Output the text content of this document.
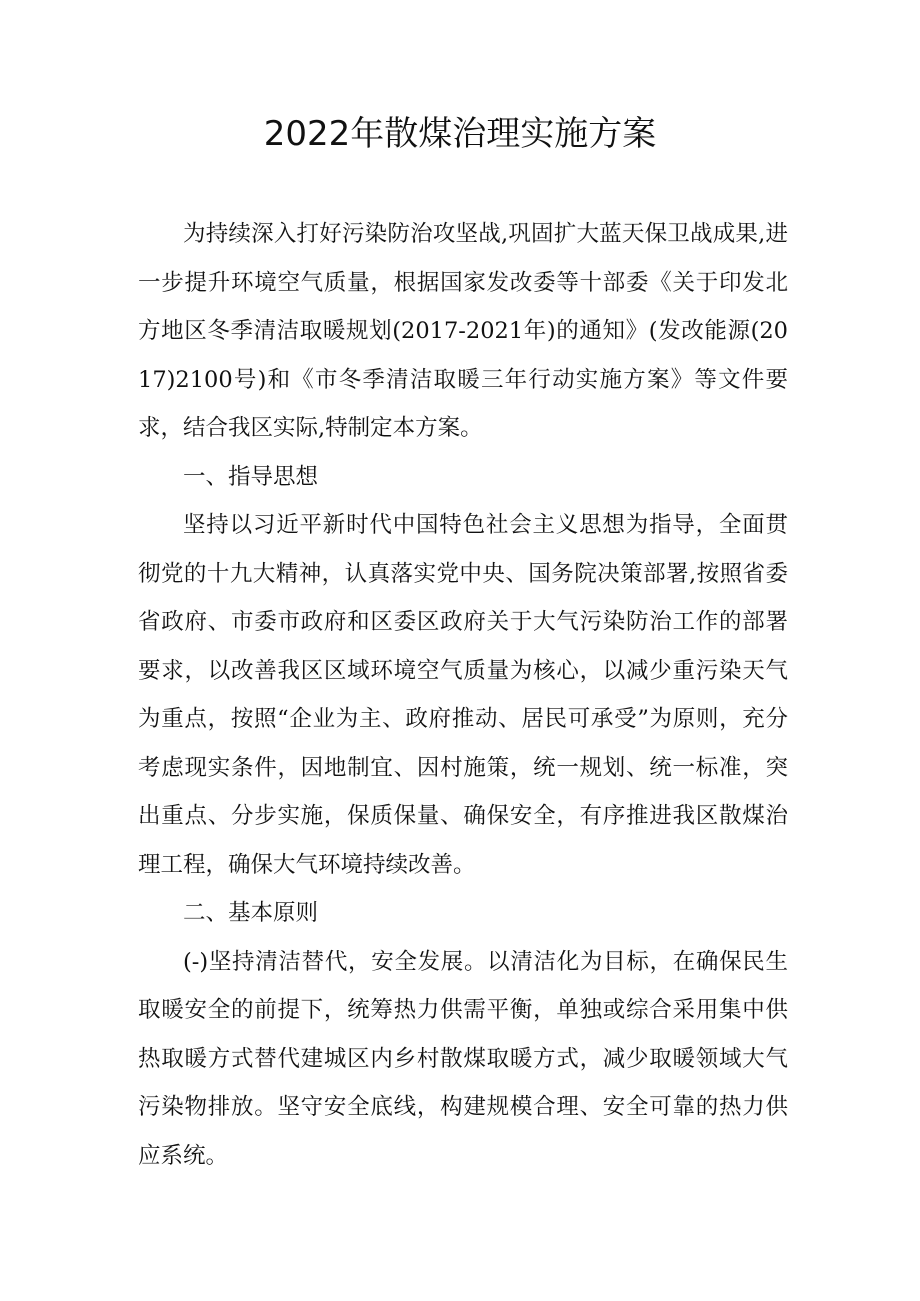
2022年散煤治理实施方案

为持续深入打好污染防治攻坚战,巩固扩大蓝天保卫战成果,进一步提升环境空气质量，根据国家发改委等十部委《关于印发北方地区冬季清洁取暖规划(2017-2021年)的通知》(发改能源(2017)2100号)和《市冬季清洁取暖三年行动实施方案》等文件要求，结合我区实际,特制定本方案。

一、指导思想

坚持以习近平新时代中国特色社会主义思想为指导，全面贯彻党的十九大精神，认真落实党中央、国务院决策部署,按照省委省政府、市委市政府和区委区政府关于大气污染防治工作的部署要求，以改善我区区域环境空气质量为核心，以减少重污染天气为重点，按照“企业为主、政府推动、居民可承受”为原则，充分考虑现实条件，因地制宜、因村施策，统一规划、统一标准，突出重点、分步实施，保质保量、确保安全，有序推进我区散煤治理工程，确保大气环境持续改善。

二、基本原则

(-)坚持清洁替代，安全发展。以清洁化为目标，在确保民生取暖安全的前提下，统筹热力供需平衡，单独或综合采用集中供热取暖方式替代建城区内乡村散煤取暖方式，减少取暖领域大气污染物排放。坚守安全底线，构建规模合理、安全可靠的热力供应系统。
